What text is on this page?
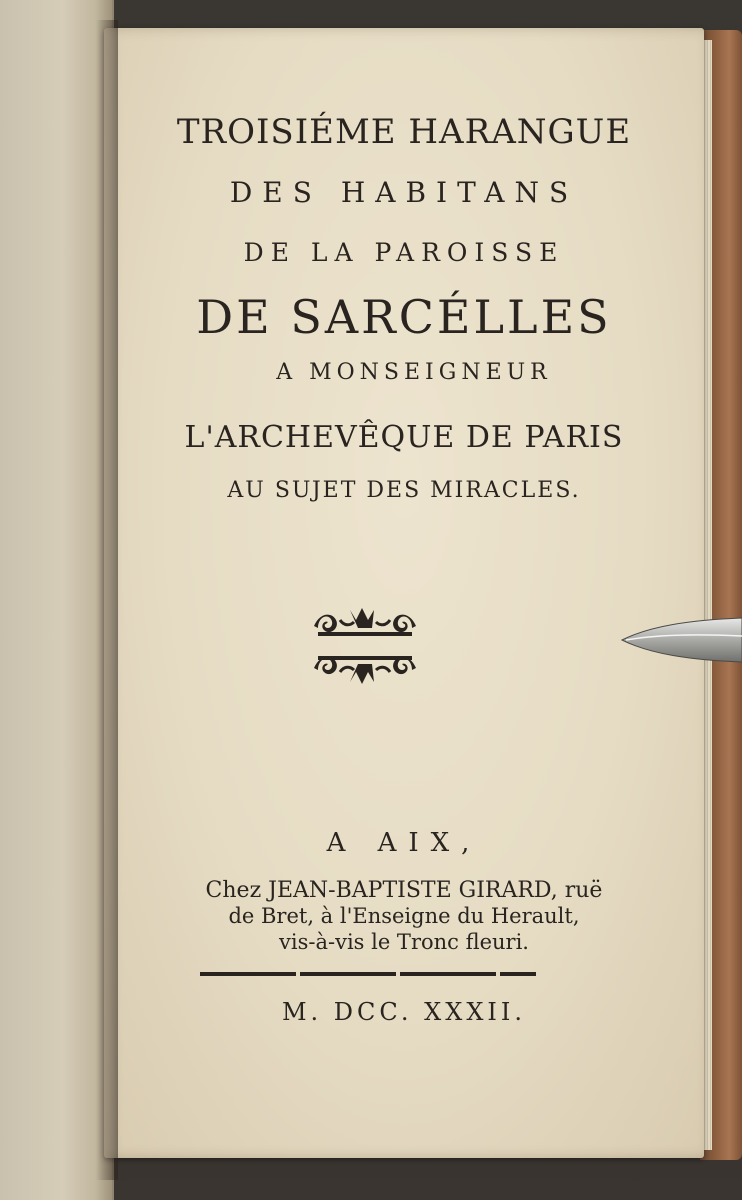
TROISIÉME HARANGUE
DES HABITANS
DE LA PAROISSE
DE SARCÉLLES
A MONSEIGNEUR
L'ARCHEVÊQUE DE PARIS
AU SUJET DES MIRACLES.
A AIX,
Chez JEAN-BAPTISTE GIRARD, ruë
de Bret, à l'Enseigne du Herault,
vis-à-vis le Tronc fleuri.
M. DCC. XXXII.
